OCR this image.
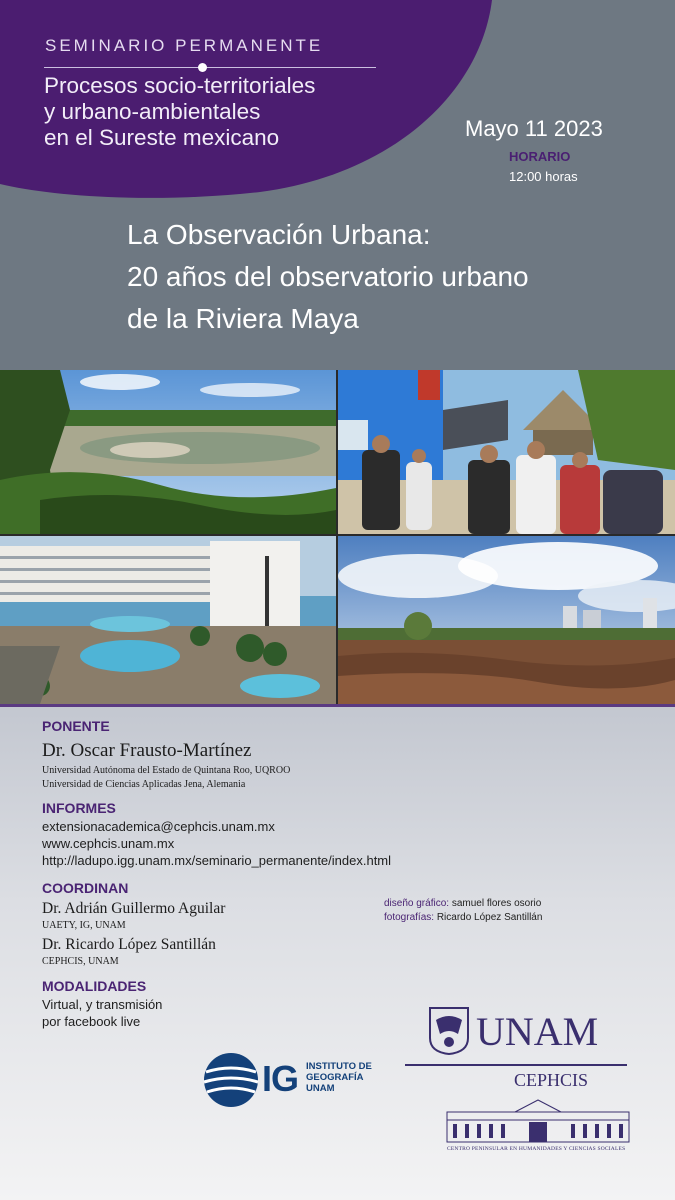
SEMINARIO PERMANENTE
Procesos socio-territoriales
y urbano-ambientales
en el Sureste mexicano	Mayo 11 2023
HORARIO
12:00 horas
La Observación Urbana:
20 años del observatorio urbano
de la Riviera Maya
PONENTE
Dr. Oscar Frausto-Martínez
Universidad Autónoma del Estado de Quintana Roo, UQROO
Universidad de Ciencias Aplicadas Jena, Alemania
INFORMES
extensionacademica@cephcis.unam.mx
www.cephcis.unam.mx
http://ladupo.igg.unam.mx/seminario_permanente/index.html
COORDINAN
Dr. Adrián Guillermo Aguilar
UAETY, IG, UNAM
Dr. Ricardo López Santillán
CEPHCIS, UNAM
MODALIDADES
Virtual, y transmisión
por facebook live
diseño gráfico: samuel flores osorio
fotografías: Ricardo López Santillán
IG INSTITUTO DE
GEOGRAFÍA
UNAM
UNAM
CEPHCIS
CENTRO PENINSULAR EN HUMANIDADES Y CIENCIAS SOCIALES
